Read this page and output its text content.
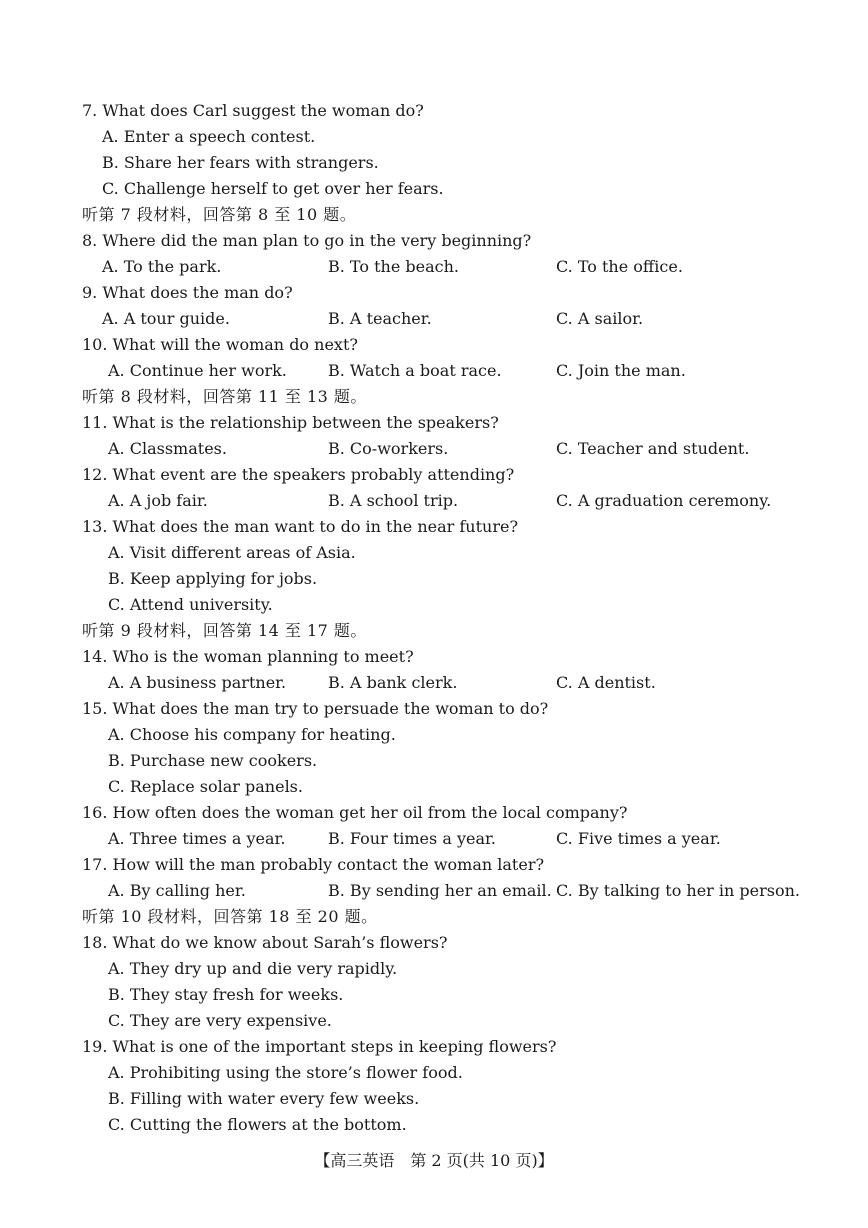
7. What does Carl suggest the woman do?
A. Enter a speech contest.
B. Share her fears with strangers.
C. Challenge herself to get over her fears.
听第 7 段材料，回答第 8 至 10 题。
8. Where did the man plan to go in the very beginning?
A. To the park.	B. To the beach.	C. To the office.
9. What does the man do?
A. A tour guide.	B. A teacher.	C. A sailor.
10. What will the woman do next?
A. Continue her work.	B. Watch a boat race.	C. Join the man.
听第 8 段材料，回答第 11 至 13 题。
11. What is the relationship between the speakers?
A. Classmates.	B. Co-workers.	C. Teacher and student.
12. What event are the speakers probably attending?
A. A job fair.	B. A school trip.	C. A graduation ceremony.
13. What does the man want to do in the near future?
A. Visit different areas of Asia.
B. Keep applying for jobs.
C. Attend university.
听第 9 段材料，回答第 14 至 17 题。
14. Who is the woman planning to meet?
A. A business partner.	B. A bank clerk.	C. A dentist.
15. What does the man try to persuade the woman to do?
A. Choose his company for heating.
B. Purchase new cookers.
C. Replace solar panels.
16. How often does the woman get her oil from the local company?
A. Three times a year.	B. Four times a year.	C. Five times a year.
17. How will the man probably contact the woman later?
A. By calling her.	B. By sending her an email. C. By talking to her in person.
听第 10 段材料，回答第 18 至 20 题。
18. What do we know about Sarah’s flowers?
A. They dry up and die very rapidly.
B. They stay fresh for weeks.
C. They are very expensive.
19. What is one of the important steps in keeping flowers?
A. Prohibiting using the store’s flower food.
B. Filling with water every few weeks.
C. Cutting the flowers at the bottom.
【高三英语　第 2 页(共 10 页)】
